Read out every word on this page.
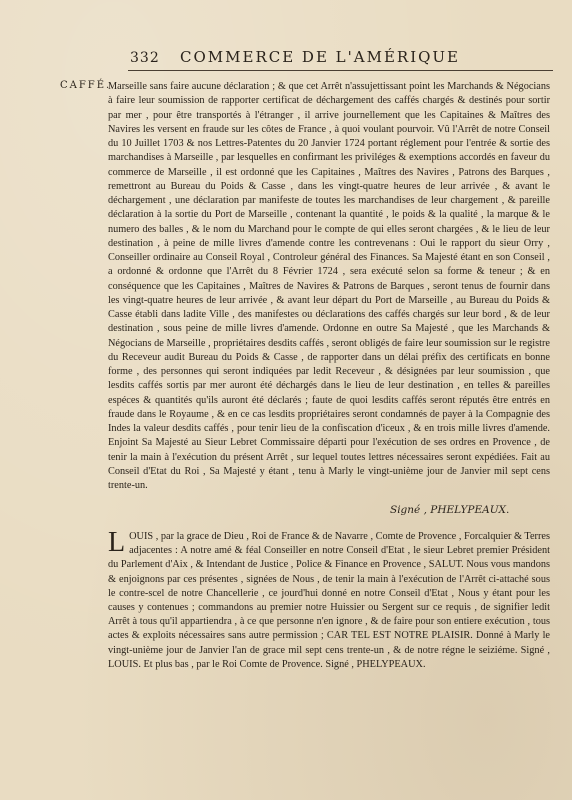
332 COMMERCE DE L'AMÉRIQUE
CAFFÉ.

Marseille sans faire aucune déclaration ; & que cet Arrêt n'assujettissant point les Marchands & Négocians à faire leur soumission de rapporter certificat de déchargement des caffés chargés & destinés pour sortir par mer , pour être transportés à l'étranger , il arrive journellement que les Capitaines & Maîtres des Navires les versent en fraude sur les côtes de France , à quoi voulant pourvoir. Vû l'Arrêt de notre Conseil du 10 Juillet 1703 & nos Lettres-Patentes du 20 Janvier 1724 portant réglement pour l'entrée & sortie des marchandises à Marseille , par lesquelles en confirmant les priviléges & exemptions accordés en faveur du commerce de Marseille , il est ordonné que les Capitaines , Maîtres des Navires , Patrons des Barques , remettront au Bureau du Poids & Casse , dans les vingt-quatre heures de leur arrivée , & avant le déchargement , une déclaration par manifeste de toutes les marchandises de leur chargement , & pareille déclaration à la sortie du Port de Marseille , contenant la quantité , le poids & la qualité , la marque & le numero des balles , & le nom du Marchand pour le compte de qui elles seront chargées , & le lieu de leur destination , à peine de mille livres d'amende contre les contrevenans : Oui le rapport du sieur Orry , Conseiller ordinaire au Conseil Royal , Controleur général des Finances. Sa Majesté étant en son Conseil , a ordonné & ordonne que l'Arrêt du 8 Février 1724 , sera exécuté selon sa forme & teneur ; & en conséquence que les Capitaines , Maîtres de Navires & Patrons de Barques , seront tenus de fournir dans les vingt-quatre heures de leur arrivée , & avant leur départ du Port de Marseille , au Bureau du Poids & Casse établi dans ladite Ville , des manifestes ou déclarations des caffés chargés sur leur bord , & de leur destination , sous peine de mille livres d'amende. Ordonne en outre Sa Majesté , que les Marchands & Négocians de Marseille , propriétaires desdits caffés , seront obligés de faire leur soumission sur le registre du Receveur audit Bureau du Poids & Casse , de rapporter dans un délai préfix des certificats en bonne forme , des personnes qui seront indiquées par ledit Receveur , & désignées par leur soumission , que lesdits caffés sortis par mer auront été déchargés dans le lieu de leur destination , en telles & pareilles espéces & quantités qu'ils auront été déclarés ; faute de quoi lesdits caffés seront réputés être entrés en fraude dans le Royaume , & en ce cas lesdits propriétaires seront condamnés de payer à la Compagnie des Indes la valeur desdits caffés , pour tenir lieu de la confiscation d'iceux , & en trois mille livres d'amende. Enjoint Sa Majesté au Sieur Lebret Commissaire départi pour l'exécution de ses ordres en Provence , de tenir la main à l'exécution du présent Arrêt , sur lequel toutes lettres nécessaires seront expédiées. Fait au Conseil d'Etat du Roi , Sa Majesté y étant , tenu à Marly le vingt-unième jour de Janvier mil sept cens trente-un.

Signé , PHELYPEAUX.
L OUIS , par la grace de Dieu , Roi de France & de Navarre , Comte de Provence , Forcalquier & Terres adjacentes : A notre amé & féal Conseiller en notre Conseil d'Etat , le sieur Lebret premier Président du Parlement d'Aix , & Intendant de Justice , Police & Finance en Provence , SALUT. Nous vous mandons & enjoignons par ces présentes , signées de Nous , de tenir la main à l'exécution de l'Arrêt ci-attaché sous le contre-scel de notre Chancellerie , ce jourd'hui donné en notre Conseil d'Etat , Nous y étant pour les causes y contenues ; commandons au premier notre Huissier ou Sergent sur ce requis , de signifier ledit Arrêt à tous qu'il appartiendra , à ce que personne n'en ignore , & de faire pour son entiere exécution , tous actes & exploits nécessaires sans autre permission ; CAR TEL EST NOTRE PLAISIR. Donné à Marly le vingt-unième jour de Janvier l'an de grace mil sept cens trente-un , & de notre régne le seiziéme. Signé , LOUIS. Et plus bas , par le Roi Comte de Provence. Signé , PHELYPEAUX.
